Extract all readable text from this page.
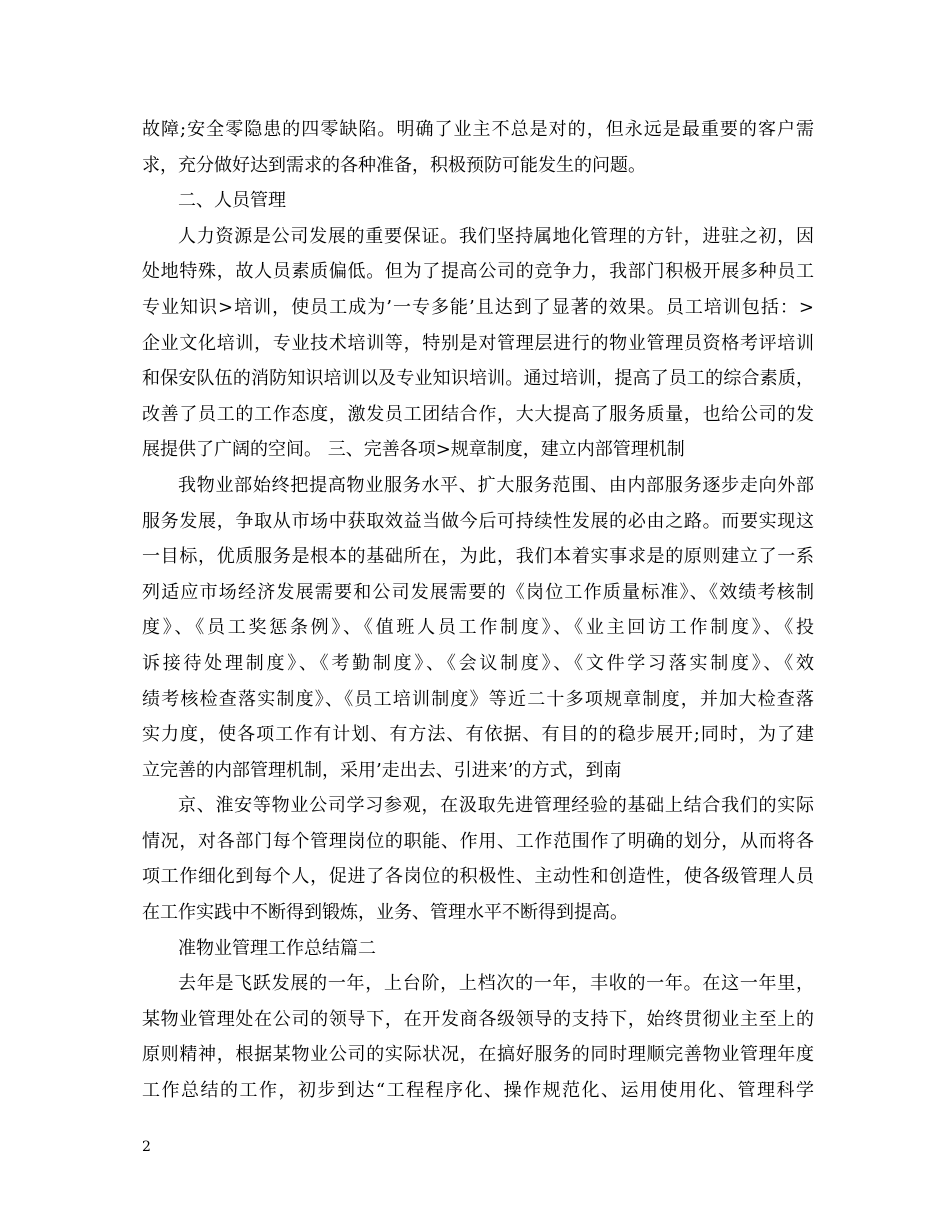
故障;安全零隐患的四零缺陷。明确了业主不总是对的，但永远是最重要的客户需
求，充分做好达到需求的各种准备，积极预防可能发生的问题。
二、人员管理
人力资源是公司发展的重要保证。我们坚持属地化管理的方针，进驻之初，因
处地特殊，故人员素质偏低。但为了提高公司的竞争力，我部门积极开展多种员工
专业知识>培训，使员工成为’一专多能’且达到了显著的效果。员工培训包括：>
企业文化培训，专业技术培训等，特别是对管理层进行的物业管理员资格考评培训
和保安队伍的消防知识培训以及专业知识培训。通过培训，提高了员工的综合素质，
改善了员工的工作态度，激发员工团结合作，大大提高了服务质量，也给公司的发
展提供了广阔的空间。 三、完善各项>规章制度，建立内部管理机制
我物业部始终把提高物业服务水平、扩大服务范围、由内部服务逐步走向外部
服务发展，争取从市场中获取效益当做今后可持续性发展的必由之路。而要实现这
一目标，优质服务是根本的基础所在，为此，我们本着实事求是的原则建立了一系
列适应市场经济发展需要和公司发展需要的《岗位工作质量标准》、《效绩考核制
度》、《员工奖惩条例》、《值班人员工作制度》、《业主回访工作制度》、《投
诉接待处理制度》、《考勤制度》、《会议制度》、《文件学习落实制度》、《效
绩考核检查落实制度》、《员工培训制度》等近二十多项规章制度，并加大检查落
实力度，使各项工作有计划、有方法、有依据、有目的的稳步展开;同时，为了建
立完善的内部管理机制，采用’走出去、引进来’的方式，到南
京、淮安等物业公司学习参观，在汲取先进管理经验的基础上结合我们的实际
情况，对各部门每个管理岗位的职能、作用、工作范围作了明确的划分，从而将各
项工作细化到每个人，促进了各岗位的积极性、主动性和创造性，使各级管理人员
在工作实践中不断得到锻炼，业务、管理水平不断得到提高。
准物业管理工作总结篇二
去年是飞跃发展的一年，上台阶，上档次的一年，丰收的一年。在这一年里，
某物业管理处在公司的领导下，在开发商各级领导的支持下，始终贯彻业主至上的
原则精神，根据某物业公司的实际状况，在搞好服务的同时理顺完善物业管理年度
工作总结的工作，初步到达“工程程序化、操作规范化、运用使用化、管理科学
2
